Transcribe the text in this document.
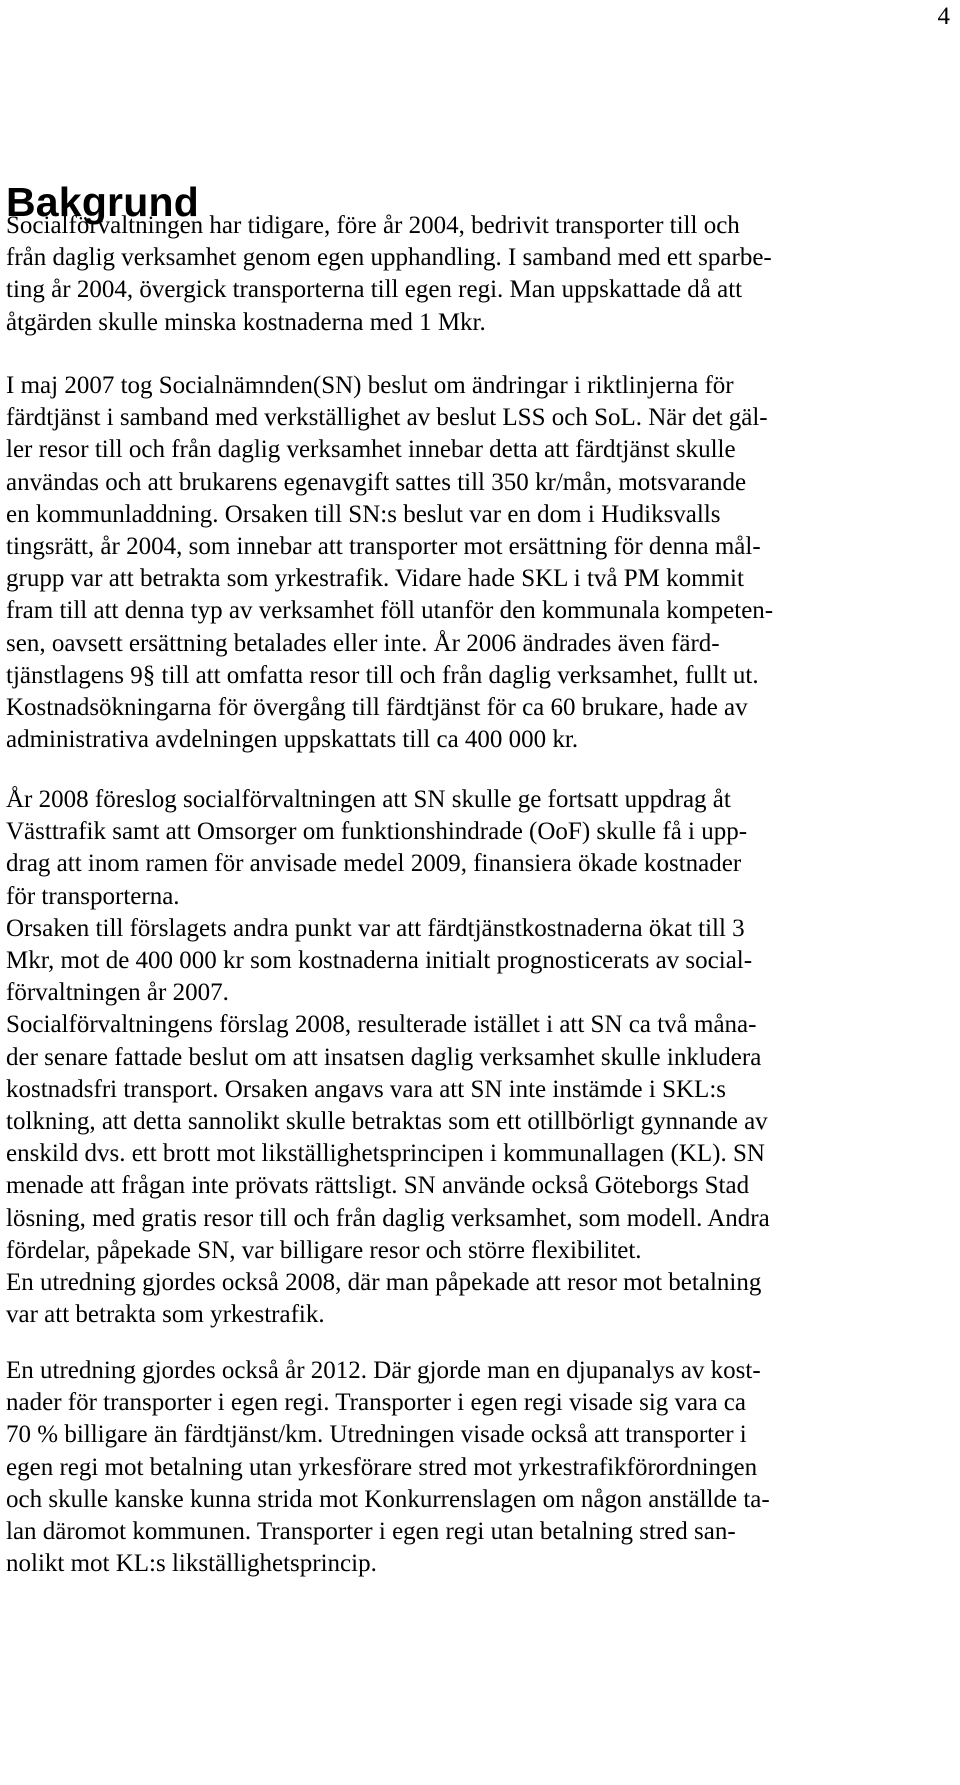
4
Bakgrund
Socialförvaltningen har tidigare, före år 2004, bedrivit transporter till och
från daglig verksamhet genom egen upphandling. I samband med ett sparbe-
ting år 2004, övergick transporterna till egen regi. Man uppskattade då att
åtgärden skulle minska kostnaderna med 1 Mkr.
I maj 2007 tog Socialnämnden(SN) beslut om ändringar i riktlinjerna för
färdtjänst i samband med verkställighet av beslut LSS och SoL. När det gäl-
ler resor till och från daglig verksamhet innebar detta att färdtjänst skulle
användas och att brukarens egenavgift sattes till 350 kr/mån, motsvarande
en kommunladdning. Orsaken till SN:s beslut var en dom i Hudiksvalls
tingsrätt, år 2004, som innebar att transporter mot ersättning för denna mål-
grupp var att betrakta som yrkestrafik. Vidare hade SKL i två PM kommit
fram till att denna typ av verksamhet föll utanför den kommunala kompeten-
sen, oavsett ersättning betalades eller inte. År 2006 ändrades även färd-
tjänstlagens 9§ till att omfatta resor till och från daglig verksamhet, fullt ut.
Kostnadsökningarna för övergång till färdtjänst för ca 60 brukare, hade av
administrativa avdelningen uppskattats till ca 400 000 kr.
År 2008 föreslog socialförvaltningen att SN skulle ge fortsatt uppdrag åt
Västtrafik samt att Omsorger om funktionshindrade (OoF) skulle få i upp-
drag att inom ramen för anvisade medel 2009, finansiera ökade kostnader
för transporterna.
Orsaken till förslagets andra punkt var att färdtjänstkostnaderna ökat till 3
Mkr, mot de 400 000 kr som kostnaderna initialt prognosticerats av social-
förvaltningen år 2007.
Socialförvaltningens förslag 2008, resulterade istället i att SN ca två måna-
der senare fattade beslut om att insatsen daglig verksamhet skulle inkludera
kostnadsfri transport. Orsaken angavs vara att SN inte instämde i SKL:s
tolkning, att detta sannolikt skulle betraktas som ett otillbörligt gynnande av
enskild dvs. ett brott mot likställighetsprincipen i kommunallagen (KL). SN
menade att frågan inte prövats rättsligt. SN använde också Göteborgs Stad
lösning, med gratis resor till och från daglig verksamhet, som modell. Andra
fördelar, påpekade SN, var billigare resor och större flexibilitet.
En utredning gjordes också 2008, där man påpekade att resor mot betalning
var att betrakta som yrkestrafik.
En utredning gjordes också år 2012. Där gjorde man en djupanalys av kost-
nader för transporter i egen regi. Transporter i egen regi visade sig vara ca
70 % billigare än färdtjänst/km. Utredningen visade också att transporter i
egen regi mot betalning utan yrkesförare stred mot yrkestrafikförordningen
och skulle kanske kunna strida mot Konkurrenslagen om någon anställde ta-
lan däromot kommunen. Transporter i egen regi utan betalning stred san-
nolikt mot KL:s likställighetsprincip.
